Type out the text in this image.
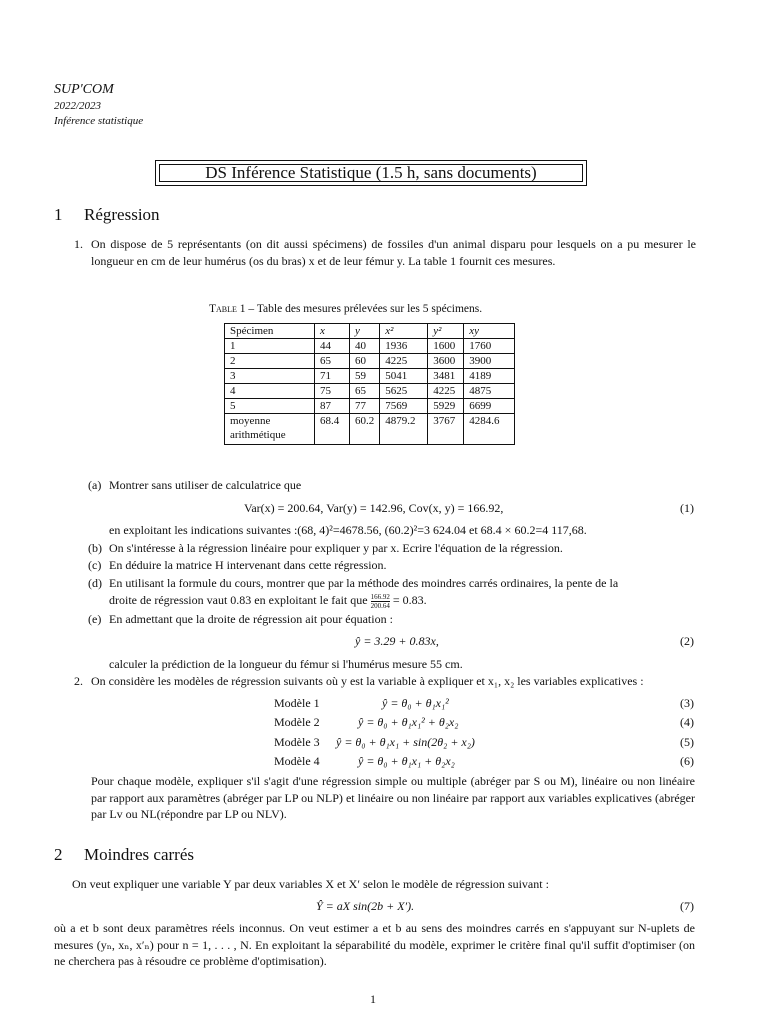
SUP'COM
2022/2023
Inférence statistique
DS Inférence Statistique (1.5 h, sans documents)
1 Régression
1. On dispose de 5 représentants (on dit aussi spécimens) de fossiles d'un animal disparu pour lesquels on a pu mesurer le longueur en cm de leur humérus (os du bras) x et de leur fémur y. La table 1 fournit ces mesures.
Table 1 – Table des mesures prélevées sur les 5 spécimens.
Spécimen	x	y	x²	y²	xy
1	44	40	1936	1600	1760
2	65	60	4225	3600	3900
3	71	59	5041	3481	4189
4	75	65	5625	4225	4875
5	87	77	7569	5929	6699

moyenne
arithmétique	68.4	60.2	4879.2	3767	4284.6
(a) Montrer sans utiliser de calculatrice que
Var(x) = 200.64, Var(y) = 142.96, Cov(x, y) = 166.92,	(1)
en exploitant les indications suivantes :(68, 4)²=4678.56, (60.2)²=3 624.04 et 68.4 × 60.2=4 117,68.
(b) On s'intéresse à la régression linéaire pour expliquer y par x. Ecrire l'équation de la régression.
(c) En déduire la matrice H intervenant dans cette régression.
(d) En utilisant la formule du cours, montrer que par la méthode des moindres carrés ordinaires, la pente de la
droite de régression vaut 0.83 en exploitant le fait que $\frac{166.92}{200.64} = 0.83$.
(e) En admettant que la droite de régression ait pour équation :
ŷ = 3.29 + 0.83x,	(2)
calculer la prédiction de la longueur du fémur si l'humérus mesure 55 cm.
2. On considère les modèles de régression suivants où y est la variable à expliquer et x₁, x₂ les variables explicatives :
Modèle 1	ŷ = θ₀ + θ₁x₁²	(3)
Modèle 2	ŷ = θ₀ + θ₁x₁² + θ₂x₂	(4)
Modèle 3 ŷ = θ₀ + θ₁x₁ + sin(2θ₂ + x₂)	(5)
Modèle 4	ŷ = θ₀ + θ₁x₁ + θ₂x₂	(6)
Pour chaque modèle, expliquer s'il s'agit d'une régression simple ou multiple (abréger par S ou M), linéaire ou non linéaire par rapport aux paramètres (abréger par LP ou NLP) et linéaire ou non linéaire par rapport aux variables explicatives (abréger par Lv ou NL(répondre par LP ou NLV).
2 Moindres carrés
On veut expliquer une variable Y par deux variables X et X′ selon le modèle de régression suivant :
Ŷ = aX sin(2b + X′).	(7)
où a et b sont deux paramètres réels inconnus. On veut estimer a et b au sens des moindres carrés en s'appuyant sur N-uplets de mesures (yₙ, xₙ, x′ₙ) pour n = 1, . . . , N. En exploitant la séparabilité du modèle, exprimer le critère final qu'il suffit d'optimiser (on ne cherchera pas à résoudre ce problème d'optimisation).
1
